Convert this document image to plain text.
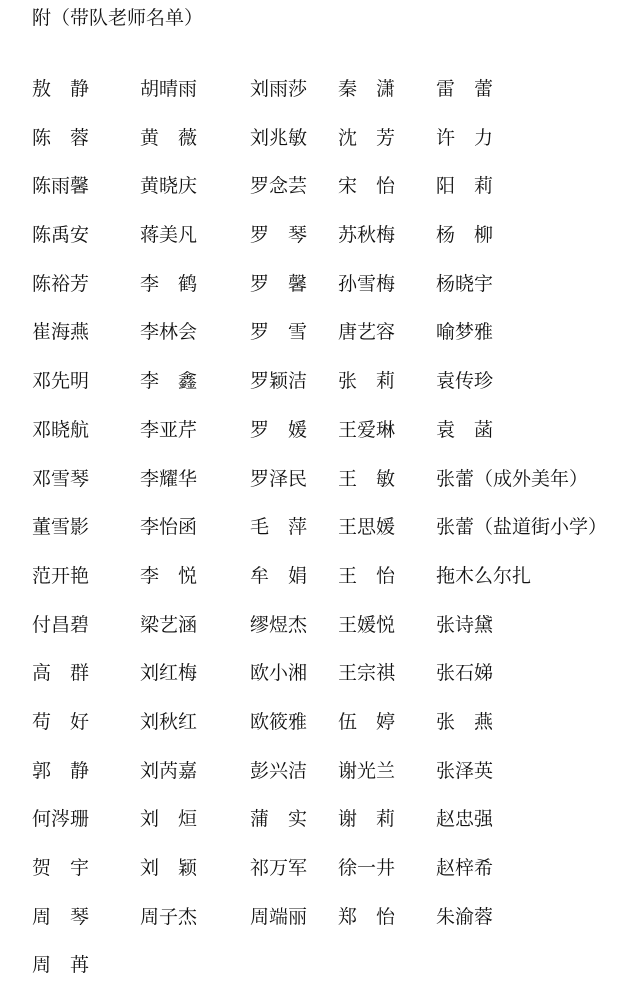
附（带队老师名单）
敖　静	胡晴雨	刘雨莎 秦　潇 雷　蕾
陈　蓉	黄　薇	刘兆敏 沈　芳 许　力
陈雨馨	黄晓庆	罗念芸 宋　怡 阳　莉
陈禹安	蒋美凡	罗　琴 苏秋梅 杨　柳
陈裕芳	李　鹤	罗　馨 孙雪梅 杨晓宇
崔海燕	李林会	罗　雪 唐艺容 喻梦雅
邓先明	李　鑫	罗颖洁 张　莉 袁传珍
邓晓航	李亚芹	罗　媛 王爱琳 袁　菡
邓雪琴	李耀华	罗泽民 王　敏 张蕾（成外美年）
董雪影	李怡函	毛　萍 王思媛 张蕾（盐道街小学）
范开艳	李　悦	牟　娟 王　怡 拖木么尔扎
付昌碧	梁艺涵	缪煜杰 王媛悦 张诗黛
高　群	刘红梅	欧小湘 王宗祺 张石娣
苟　好	刘秋红	欧筱雅 伍　婷 张　燕
郭　静	刘芮嘉	彭兴洁 谢光兰 张泽英
何涔珊	刘　烜	蒲　实 谢　莉 赵忠强
贺　宇	刘　颖	祁万军 徐一井 赵梓希
周　琴	周子杰	周端丽 郑　怡 朱渝蓉
周　苒
